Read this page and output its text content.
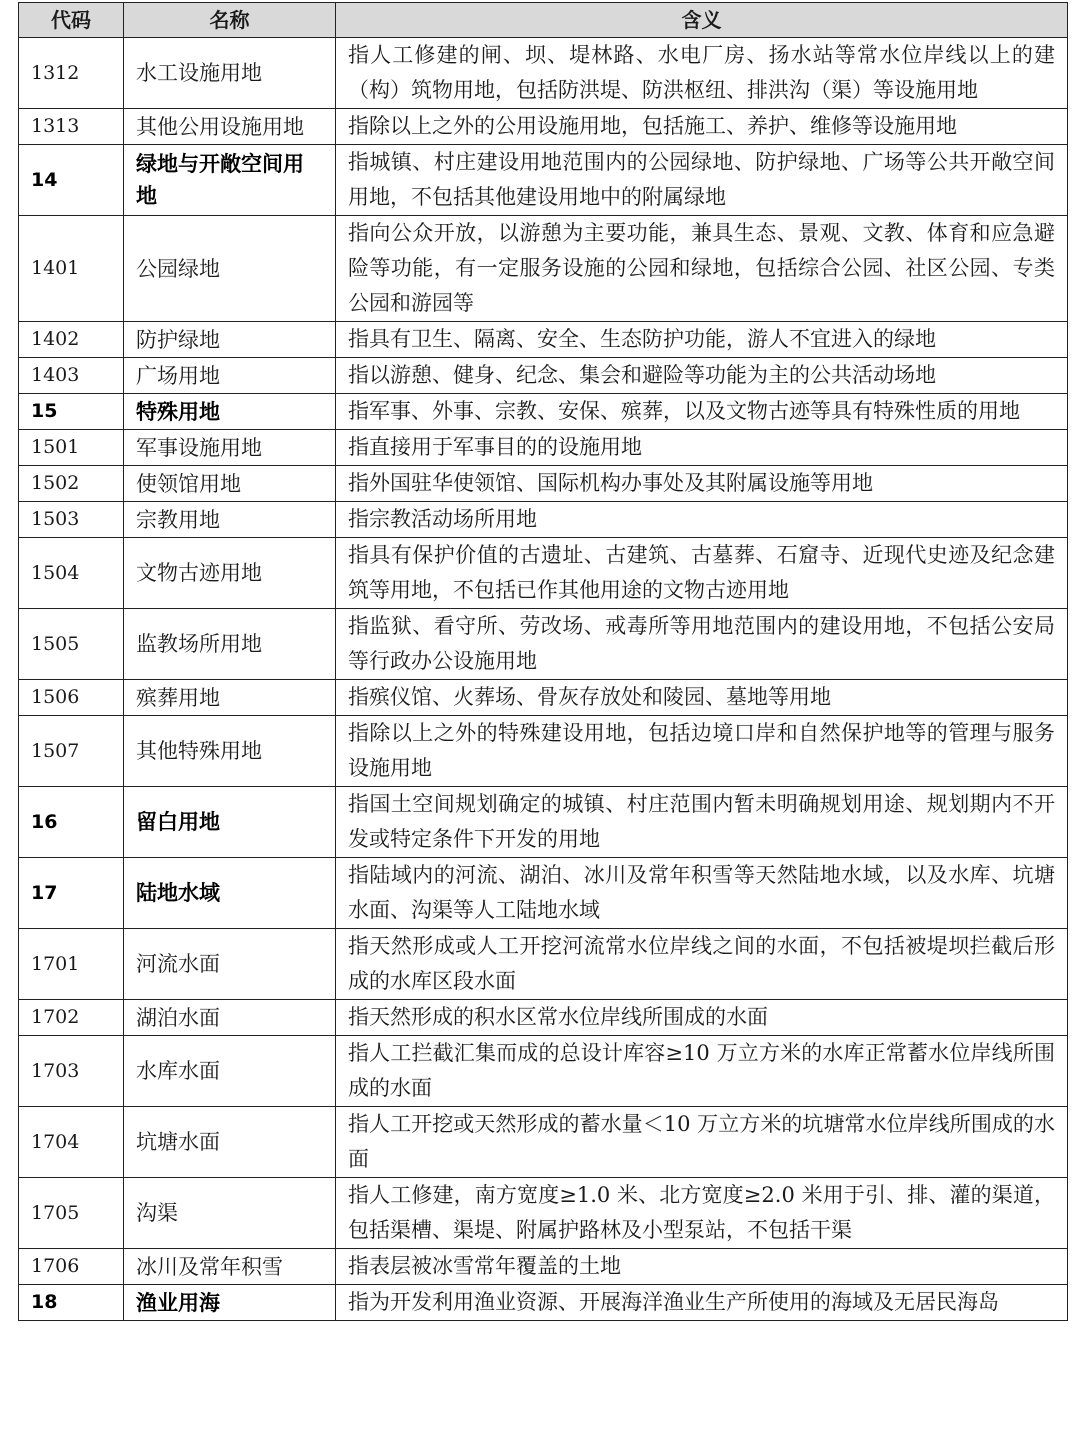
代码	名称	含义
1312	水工设施用地	指人工修建的闸、坝、堤林路、水电厂房、扬水站等常水位岸线以上的建（构）筑物用地，包括防洪堤、防洪枢纽、排洪沟（渠）等设施用地
1313	其他公用设施用地	指除以上之外的公用设施用地，包括施工、养护、维修等设施用地
14	绿地与开敞空间用地	指城镇、村庄建设用地范围内的公园绿地、防护绿地、广场等公共开敞空间用地，不包括其他建设用地中的附属绿地
1401	公园绿地	指向公众开放，以游憩为主要功能，兼具生态、景观、文教、体育和应急避险等功能，有一定服务设施的公园和绿地，包括综合公园、社区公园、专类公园和游园等
1402	防护绿地	指具有卫生、隔离、安全、生态防护功能，游人不宜进入的绿地
1403	广场用地	指以游憩、健身、纪念、集会和避险等功能为主的公共活动场地
15	特殊用地	指军事、外事、宗教、安保、殡葬，以及文物古迹等具有特殊性质的用地
1501	军事设施用地	指直接用于军事目的的设施用地
1502	使领馆用地	指外国驻华使领馆、国际机构办事处及其附属设施等用地
1503	宗教用地	指宗教活动场所用地
1504	文物古迹用地	指具有保护价值的古遗址、古建筑、古墓葬、石窟寺、近现代史迹及纪念建筑等用地，不包括已作其他用途的文物古迹用地
1505	监教场所用地	指监狱、看守所、劳改场、戒毒所等用地范围内的建设用地，不包括公安局等行政办公设施用地
1506	殡葬用地	指殡仪馆、火葬场、骨灰存放处和陵园、墓地等用地
1507	其他特殊用地	指除以上之外的特殊建设用地，包括边境口岸和自然保护地等的管理与服务设施用地
16	留白用地	指国土空间规划确定的城镇、村庄范围内暂未明确规划用途、规划期内不开发或特定条件下开发的用地
17	陆地水域	指陆域内的河流、湖泊、冰川及常年积雪等天然陆地水域，以及水库、坑塘水面、沟渠等人工陆地水域
1701	河流水面	指天然形成或人工开挖河流常水位岸线之间的水面，不包括被堤坝拦截后形成的水库区段水面
1702	湖泊水面	指天然形成的积水区常水位岸线所围成的水面
1703	水库水面	指人工拦截汇集而成的总设计库容≥10 万立方米的水库正常蓄水位岸线所围成的水面
1704	坑塘水面	指人工开挖或天然形成的蓄水量＜10 万立方米的坑塘常水位岸线所围成的水面
1705	沟渠	指人工修建，南方宽度≥1.0 米、北方宽度≥2.0 米用于引、排、灌的渠道，包括渠槽、渠堤、附属护路林及小型泵站，不包括干渠
1706	冰川及常年积雪	指表层被冰雪常年覆盖的土地
18	渔业用海	指为开发利用渔业资源、开展海洋渔业生产所使用的海域及无居民海岛
